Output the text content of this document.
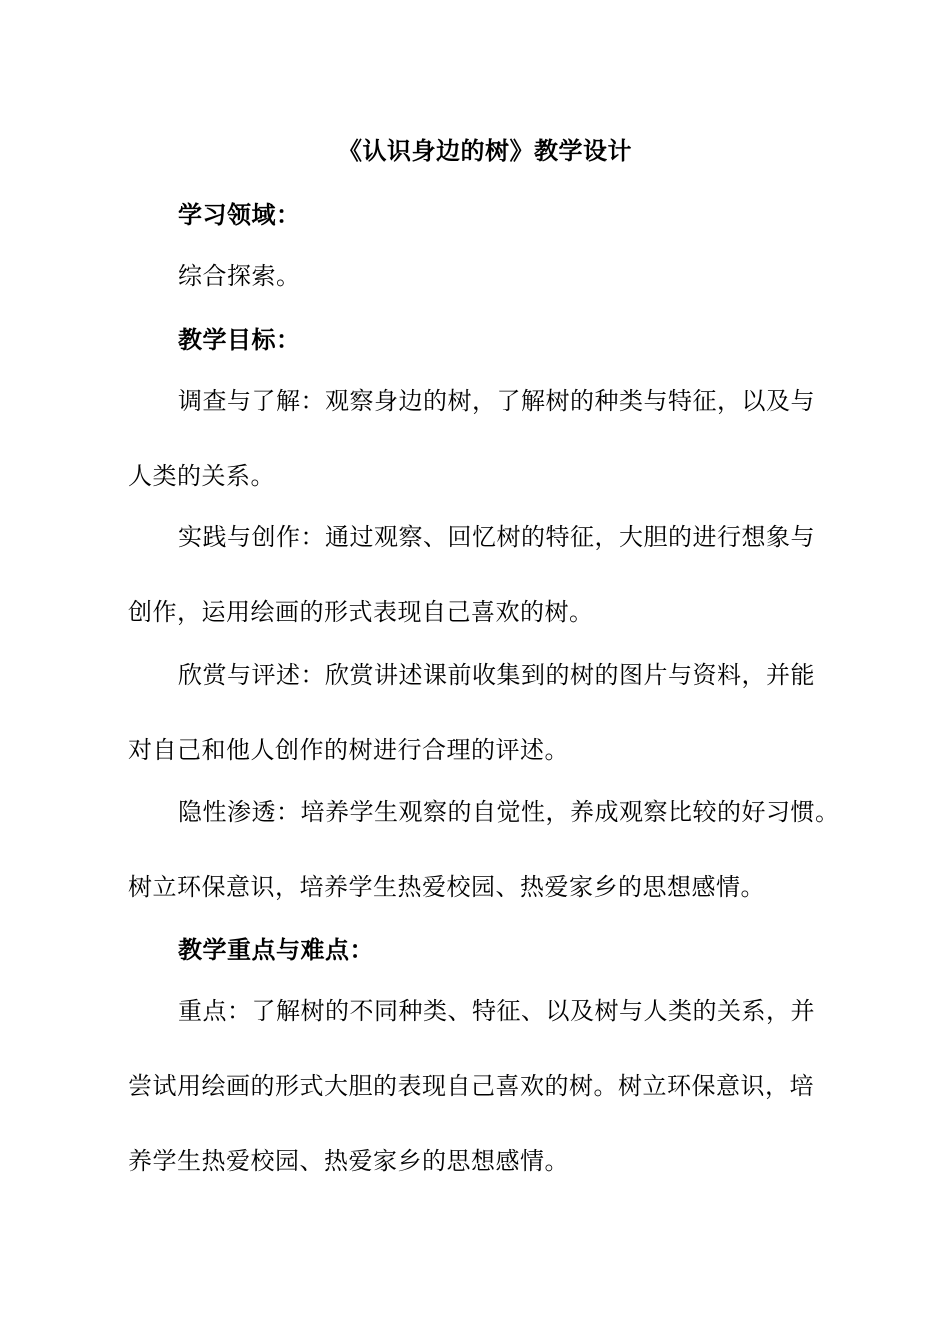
《认识身边的树》教学设计
学习领域：
综合探索。
教学目标：
调查与了解：观察身边的树，了解树的种类与特征，以及与
人类的关系。
实践与创作：通过观察、回忆树的特征，大胆的进行想象与
创作，运用绘画的形式表现自己喜欢的树。
欣赏与评述：欣赏讲述课前收集到的树的图片与资料，并能
对自己和他人创作的树进行合理的评述。
隐性渗透：培养学生观察的自觉性，养成观察比较的好习惯。
树立环保意识，培养学生热爱校园、热爱家乡的思想感情。
教学重点与难点：
重点：了解树的不同种类、特征、以及树与人类的关系，并
尝试用绘画的形式大胆的表现自己喜欢的树。树立环保意识，培
养学生热爱校园、热爱家乡的思想感情。
